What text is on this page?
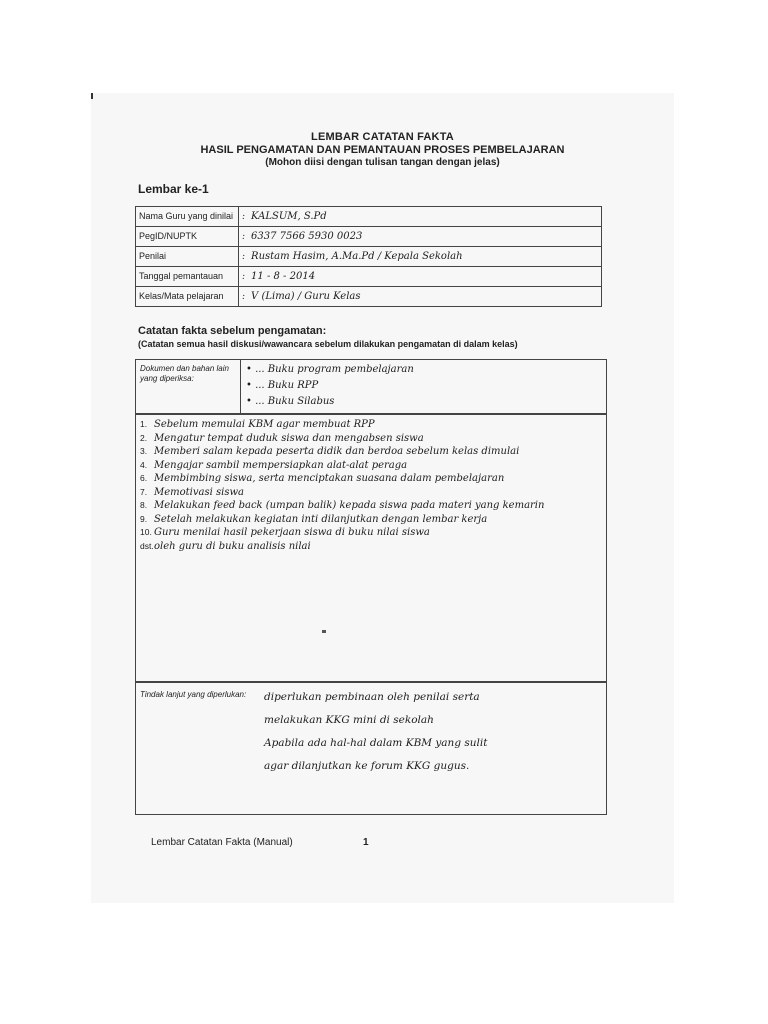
LEMBAR CATATAN FAKTA
HASIL PENGAMATAN DAN PEMANTAUAN PROSES PEMBELAJARAN
(Mohon diisi dengan tulisan tangan dengan jelas)
Lembar ke-1
Nama Guru yang dinilai	: KALSUM, S.Pd
PegID/NUPTK	: 6337 7566 5930 0023
Penilai	: Rustam Hasim, A.Ma.Pd / Kepala Sekolah
Tanggal pemantauan	: 11 - 8 - 2014
Kelas/Mata pelajaran	: V (Lima) / Guru Kelas
Catatan fakta sebelum pengamatan:
(Catatan semua hasil diskusi/wawancara sebelum dilakukan pengamatan di dalam kelas)
Dokumen dan bahan lain yang diperiksa:
• ... Buku program pembelajaran
• ... Buku RPP
• ... Buku Silabus
1. Sebelum memulai KBM agar membuat RPP
2. Mengatur tempat duduk siswa dan mengabsen siswa
3. Memberi salam kepada peserta didik dan berdoa sebelum kelas dimulai
4. Mengajar sambil mempersiapkan alat-alat peraga
6. Membimbing siswa, serta menciptakan suasana dalam pembelajaran
7. Memotivasi siswa
8. Melakukan feed back (umpan balik) kepada siswa pada materi yang kemarin
9. Setelah melakukan kegiatan inti dilanjutkan dengan lembar kerja
10. Guru menilai hasil pekerjaan siswa di buku nilai siswa
dst.oleh guru di buku analisis nilai
Tindak lanjut yang diperlukan: diperlukan pembinaan oleh penilai serta
melakukan KKG mini di sekolah
Apabila ada hal-hal dalam KBM yang sulit
agar dilanjutkan ke forum KKG gugus.
Lembar Catatan Fakta (Manual)	1
